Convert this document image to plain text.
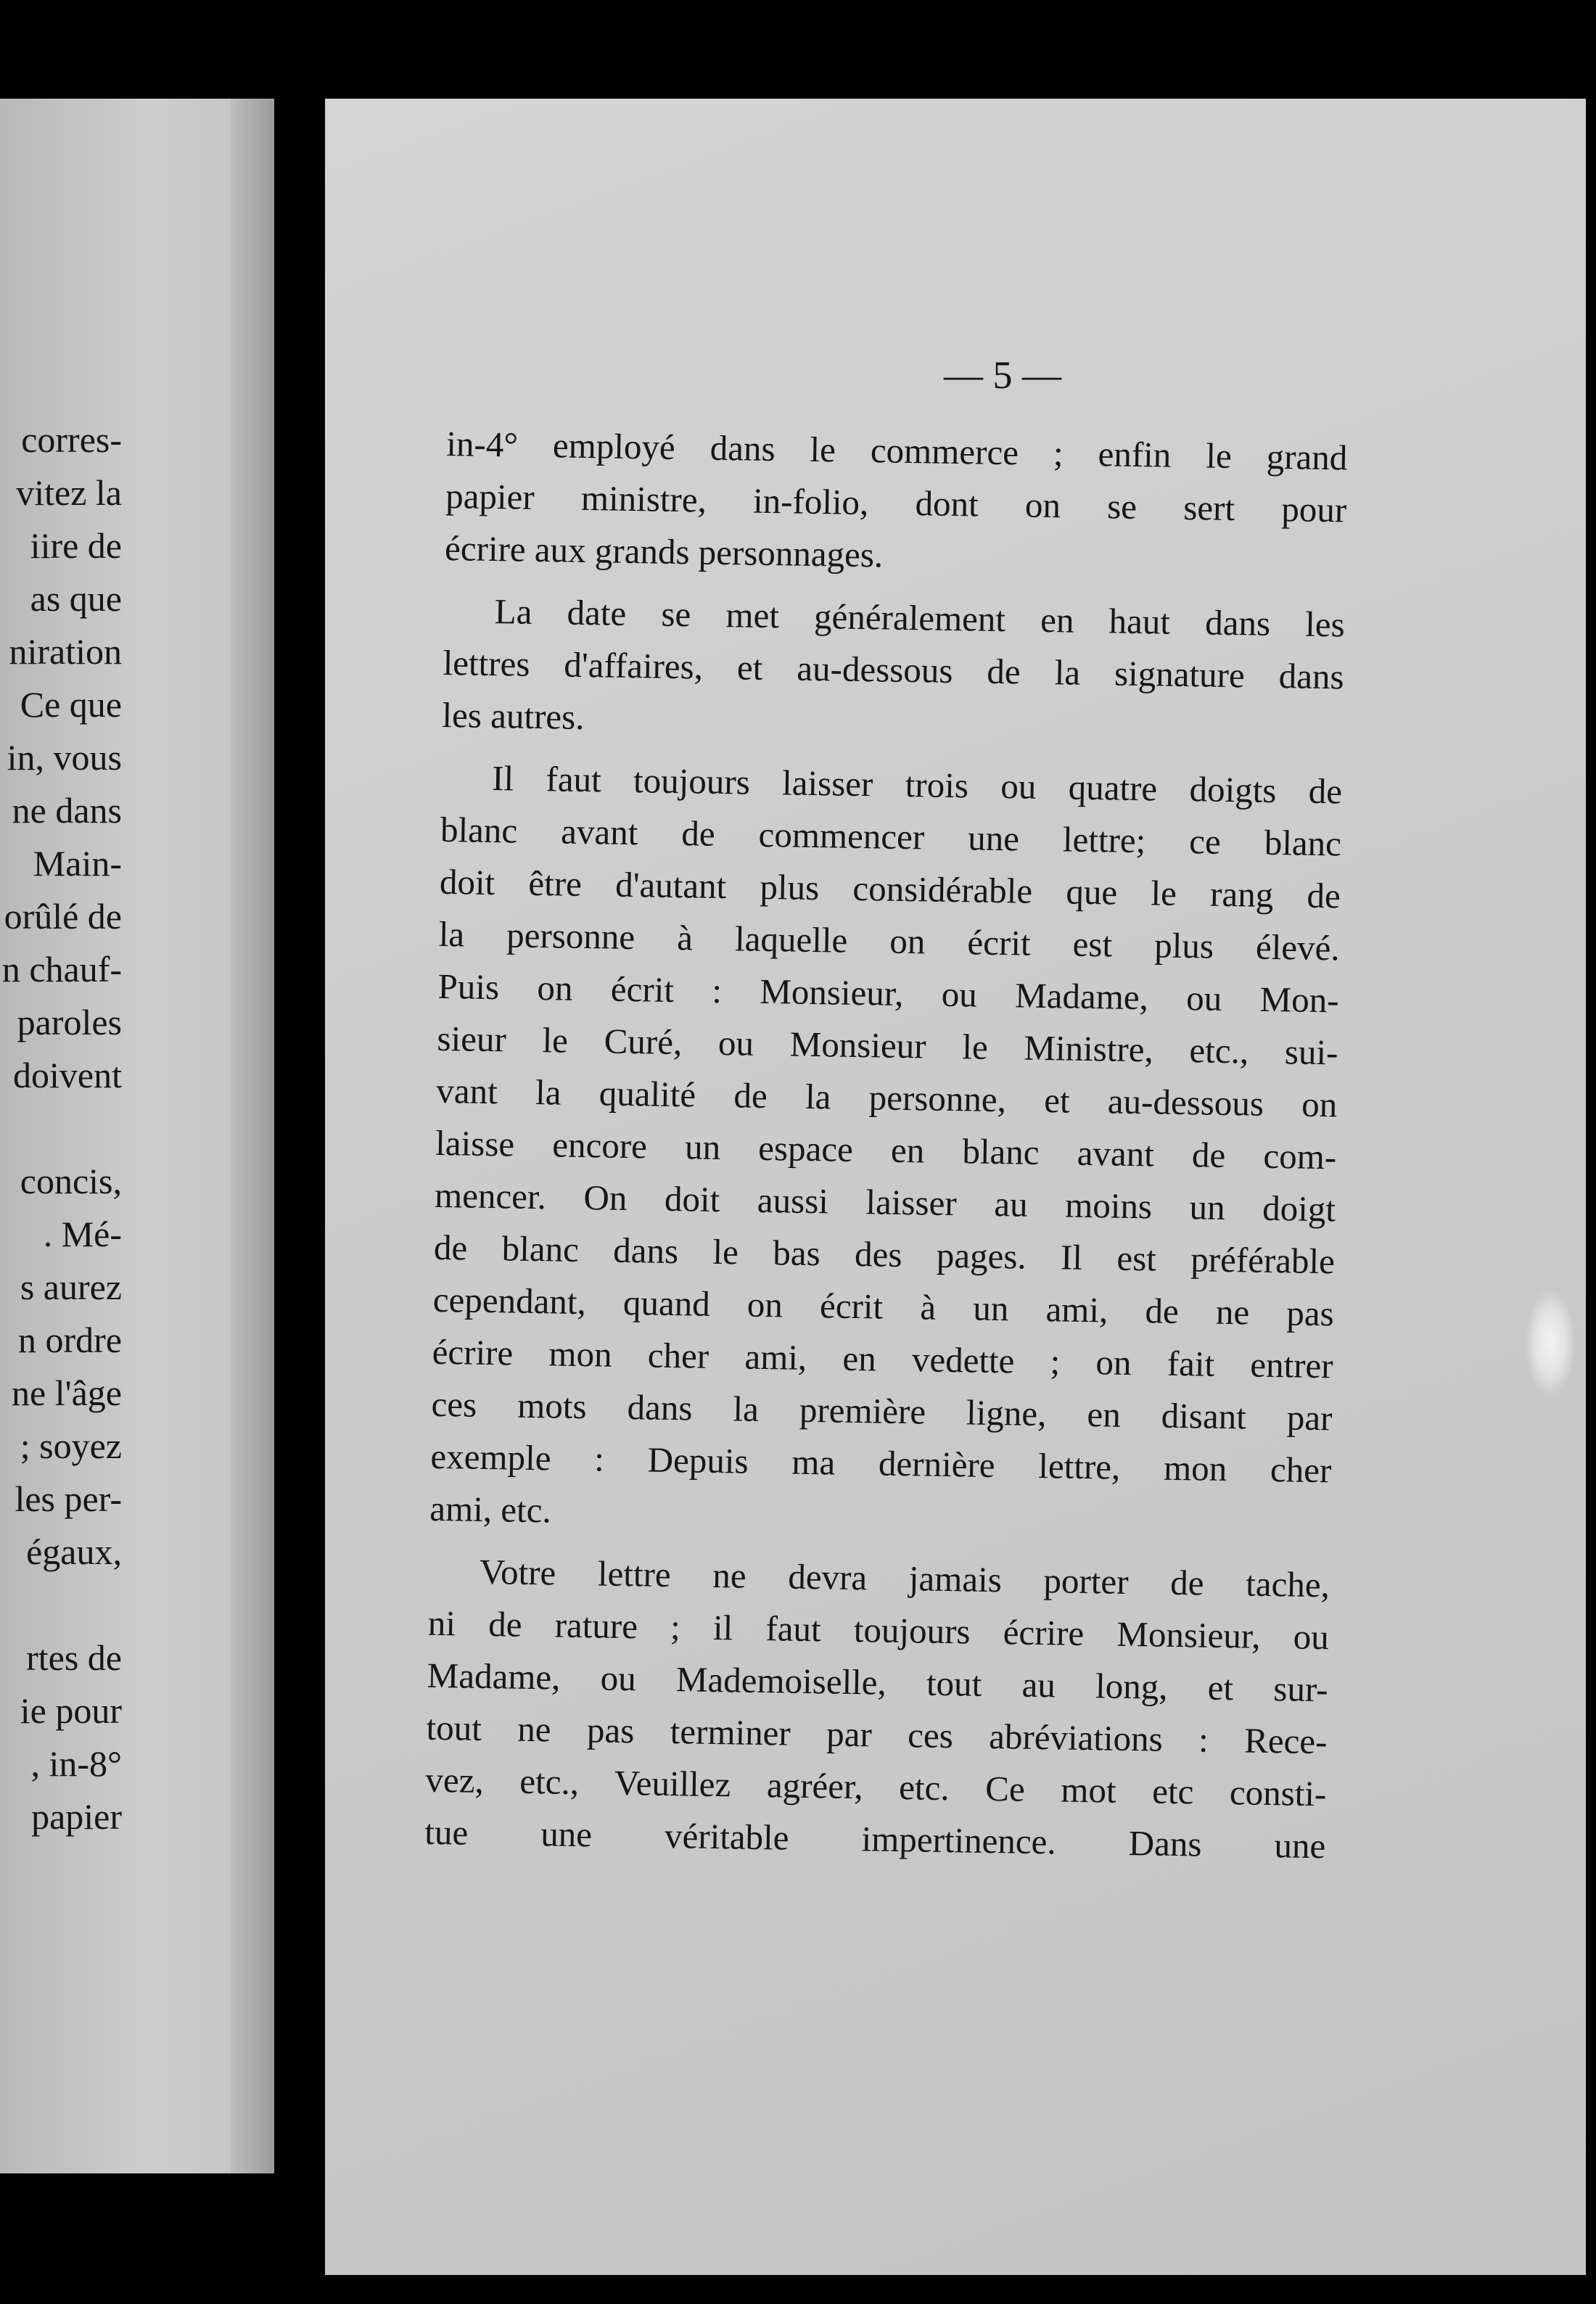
corres-
vitez la
iire de
as que
niration
Ce que
in, vous
ne dans
Main-
orûlé de
n chauf-
paroles
doivent
concis,
. Mé-
s aurez
n ordre
ne l'âge
; soyez
les per-
égaux,
rtes de
ie pour
, in-8°
papier
— 5 —
in-4° employé dans le commerce ; enfin le grand
papier ministre, in-folio, dont on se sert pour
écrire aux grands personnages.
La date se met généralement en haut dans les
lettres d'affaires, et au-dessous de la signature dans
les autres.
Il faut toujours laisser trois ou quatre doigts de
blanc avant de commencer une lettre; ce blanc
doit être d'autant plus considérable que le rang de
la personne à laquelle on écrit est plus élevé.
Puis on écrit : Monsieur, ou Madame, ou Mon-
sieur le Curé, ou Monsieur le Ministre, etc., sui-
vant la qualité de la personne, et au-dessous on
laisse encore un espace en blanc avant de com-
mencer. On doit aussi laisser au moins un doigt
de blanc dans le bas des pages. Il est préférable
cependant, quand on écrit à un ami, de ne pas
écrire mon cher ami, en vedette ; on fait entrer
ces mots dans la première ligne, en disant par
exemple : Depuis ma dernière lettre, mon cher
ami, etc.
Votre lettre ne devra jamais porter de tache,
ni de rature ; il faut toujours écrire Monsieur, ou
Madame, ou Mademoiselle, tout au long, et sur-
tout ne pas terminer par ces abréviations : Rece-
vez, etc., Veuillez agréer, etc. Ce mot etc consti-
tue une véritable impertinence. Dans une
